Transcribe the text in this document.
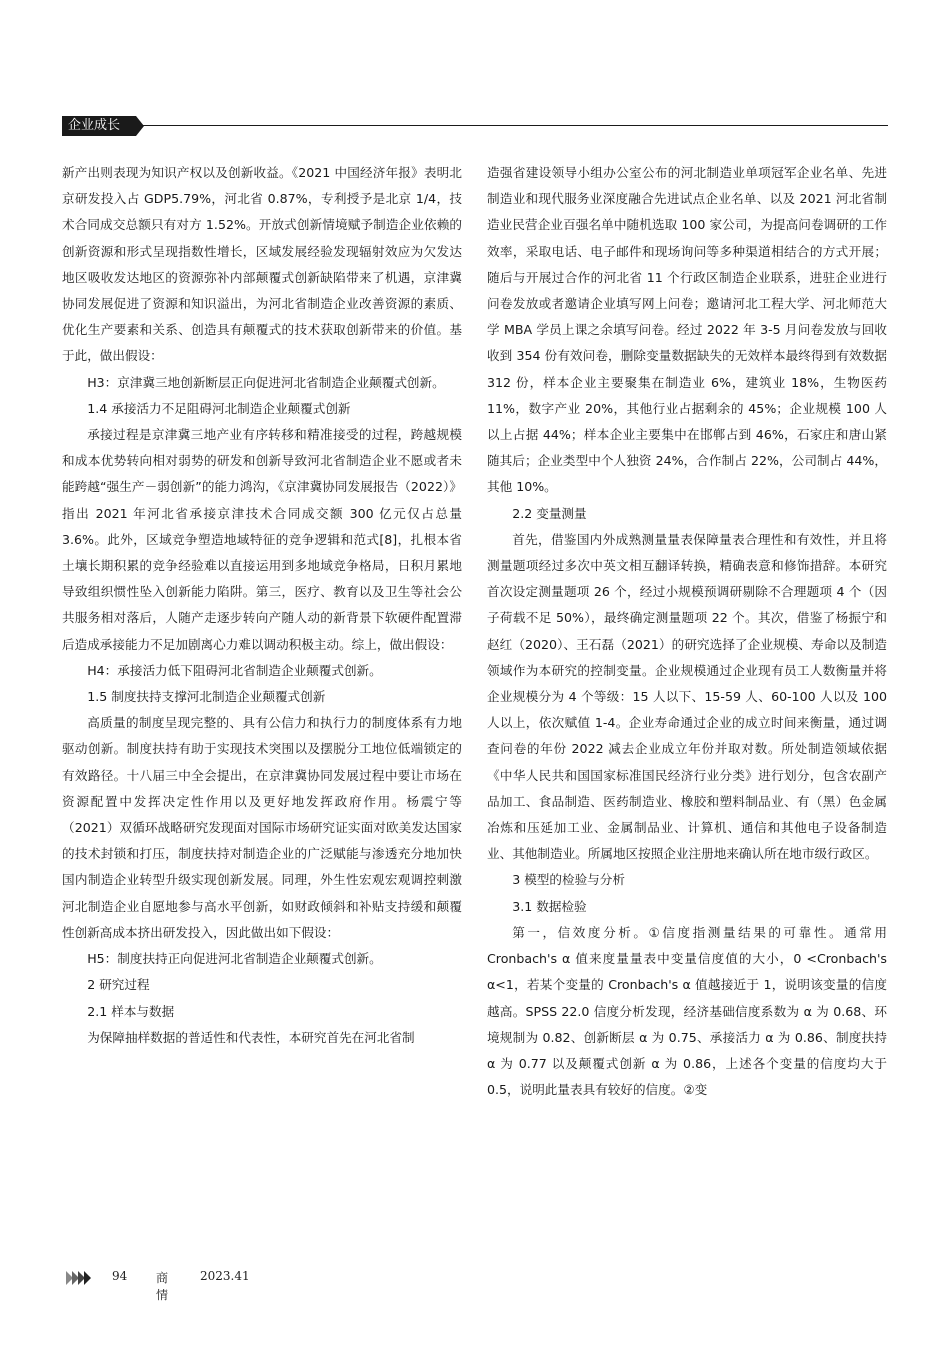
企业成长

新产出则表现为知识产权以及创新收益。《2021 中国经济年报》表明北京研发投入占 GDP5.79%，河北省 0.87%，专利授予是北京 1/4，技术合同成交总额只有对方 1.52%。开放式创新情境赋予制造企业依赖的创新资源和形式呈现指数性增长，区域发展经验发现辐射效应为欠发达地区吸收发达地区的资源弥补内部颠覆式创新缺陷带来了机遇，京津冀协同发展促进了资源和知识溢出，为河北省制造企业改善资源的素质、优化生产要素和关系、创造具有颠覆式的技术获取创新带来的价值。基于此，做出假设：

H3：京津冀三地创新断层正向促进河北省制造企业颠覆式创新。

1.4 承接活力不足阻碍河北制造企业颠覆式创新

承接过程是京津冀三地产业有序转移和精准接受的过程，跨越规模和成本优势转向相对弱势的研发和创新导致河北省制造企业不愿或者未能跨越“强生产－弱创新”的能力鸿沟，《京津冀协同发展报告（2022）》指出 2021 年河北省承接京津技术合同成交额 300 亿元仅占总量 3.6%。此外，区域竞争塑造地域特征的竞争逻辑和范式[8]，扎根本省土壤长期积累的竞争经验难以直接运用到多地域竞争格局，日积月累地导致组织惯性坠入创新能力陷阱。第三，医疗、教育以及卫生等社会公共服务相对落后，人随产走逐步转向产随人动的新背景下软硬件配置滞后造成承接能力不足加剧离心力难以调动积极主动。综上，做出假设：

H4：承接活力低下阻碍河北省制造企业颠覆式创新。

1.5 制度扶持支撑河北制造企业颠覆式创新

高质量的制度呈现完整的、具有公信力和执行力的制度体系有力地驱动创新。制度扶持有助于实现技术突围以及摆脱分工地位低端锁定的有效路径。十八届三中全会提出，在京津冀协同发展过程中要让市场在资源配置中发挥决定性作用以及更好地发挥政府作用。杨震宁等（2021）双循环战略研究发现面对国际市场研究证实面对欧美发达国家的技术封锁和打压，制度扶持对制造企业的广泛赋能与渗透充分地加快国内制造企业转型升级实现创新发展。同理，外生性宏观宏观调控刺激河北制造企业自愿地参与高水平创新，如财政倾斜和补贴支持缓和颠覆性创新高成本挤出研发投入，因此做出如下假设：

H5：制度扶持正向促进河北省制造企业颠覆式创新。

2 研究过程

2.1 样本与数据

为保障抽样数据的普适性和代表性，本研究首先在河北省制

造强省建设领导小组办公室公布的河北制造业单项冠军企业名单、先进制造业和现代服务业深度融合先进试点企业名单、以及 2021 河北省制造业民营企业百强名单中随机选取 100 家公司，为提高问卷调研的工作效率，采取电话、电子邮件和现场询问等多种渠道相结合的方式开展；随后与开展过合作的河北省 11 个行政区制造企业联系，进驻企业进行问卷发放或者邀请企业填写网上问卷；邀请河北工程大学、河北师范大学 MBA 学员上课之余填写问卷。经过 2022 年 3-5 月问卷发放与回收收到 354 份有效问卷，删除变量数据缺失的无效样本最终得到有效数据 312 份，样本企业主要聚集在制造业 6%，建筑业 18%，生物医药 11%，数字产业 20%，其他行业占据剩余的 45%；企业规模 100 人以上占据 44%；样本企业主要集中在邯郸占到 46%，石家庄和唐山紧随其后；企业类型中个人独资 24%，合作制占 22%，公司制占 44%，其他 10%。

2.2 变量测量

首先，借鉴国内外成熟测量量表保障量表合理性和有效性，并且将测量题项经过多次中英文相互翻译转换，精确表意和修饰措辞。本研究首次设定测量题项 26 个，经过小规模预调研剔除不合理题项 4 个（因子荷载不足 50%），最终确定测量题项 22 个。其次，借鉴了杨振宁和赵红（2020）、王石磊（2021）的研究选择了企业规模、寿命以及制造领域作为本研究的控制变量。企业规模通过企业现有员工人数衡量并将企业规模分为 4 个等级：15 人以下、15-59 人、60-100 人以及 100 人以上，依次赋值 1-4。企业寿命通过企业的成立时间来衡量，通过调查问卷的年份 2022 减去企业成立年份并取对数。所处制造领域依据《中华人民共和国国家标准国民经济行业分类》进行划分，包含农副产品加工、食品制造、医药制造业、橡胶和塑料制品业、有（黑）色金属冶炼和压延加工业、金属制品业、计算机、通信和其他电子设备制造业、其他制造业。所属地区按照企业注册地来确认所在地市级行政区。

3 模型的检验与分析

3.1 数据检验

第一，信效度分析。①信度指测量结果的可靠性。通常用 Cronbach's α 值来度量量表中变量信度值的大小，0 <Cronbach's α<1，若某个变量的 Cronbach's α 值越接近于 1，说明该变量的信度越高。SPSS 22.0 信度分析发现，经济基础信度系数为 α 为 0.68、环境规制为 0.82、创新断层 α 为 0.75、承接活力 α 为 0.86、制度扶持 α 为 0.77 以及颠覆式创新 α 为 0.86，上述各个变量的信度均大于 0.5，说明此量表具有较好的信度。②变

94 商情
2023.41
